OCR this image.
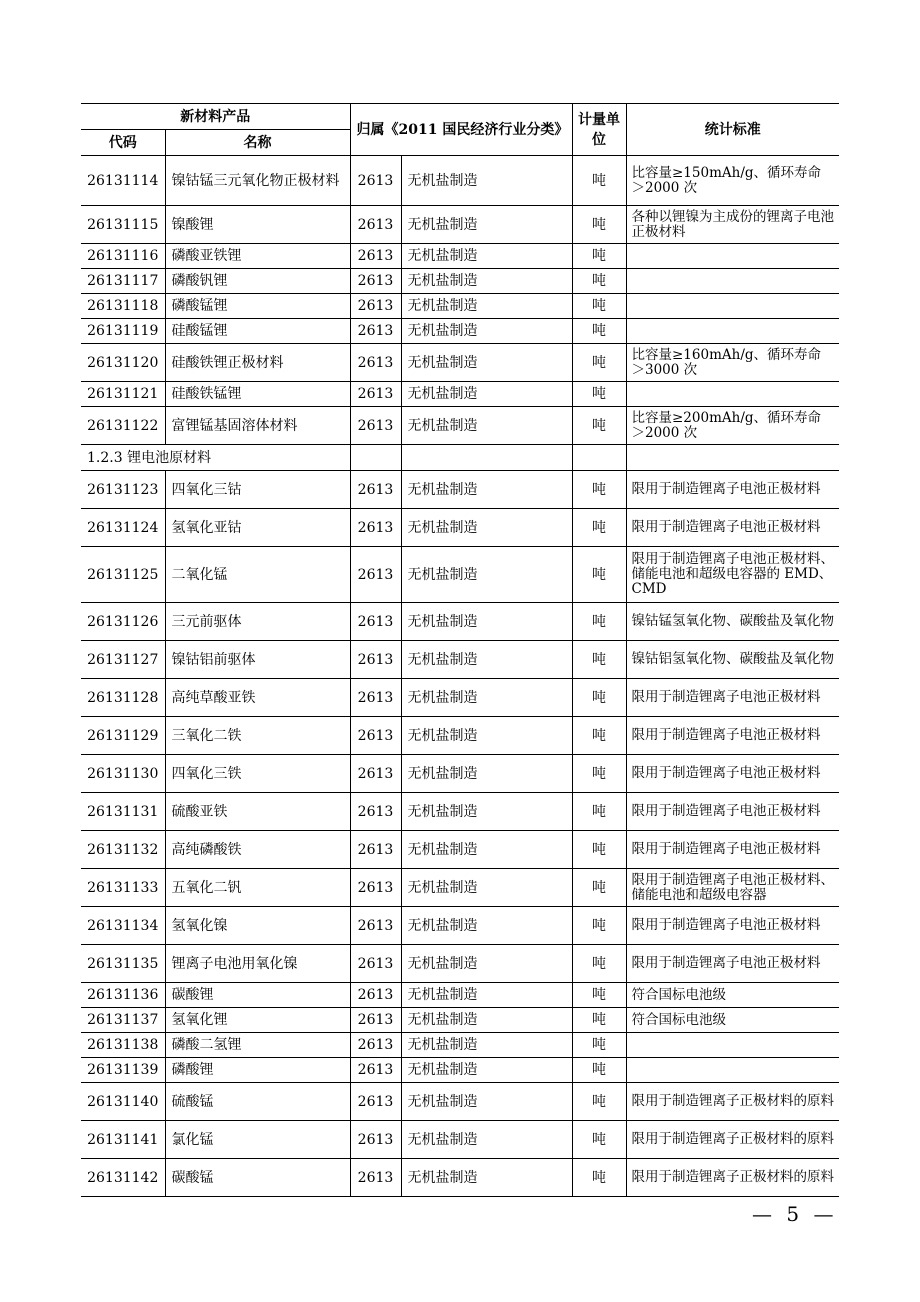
新材料产品		归属《2011 国民经济行业分类》		计量单位	统计标准
代码	名称				
26131114	镍钴锰三元氧化物正极材料	2613	无机盐制造	吨	比容量≥150mAh/g、循环寿命＞2000 次
26131115	镍酸锂	2613	无机盐制造	吨	各种以锂镍为主成份的锂离子电池正极材料
26131116	磷酸亚铁锂	2613	无机盐制造	吨	
26131117	磷酸钒锂	2613	无机盐制造	吨	
26131118	磷酸锰锂	2613	无机盐制造	吨	
26131119	硅酸锰锂	2613	无机盐制造	吨	
26131120	硅酸铁锂正极材料	2613	无机盐制造	吨	比容量≥160mAh/g、循环寿命＞3000 次
26131121	硅酸铁锰锂	2613	无机盐制造	吨	
26131122	富锂锰基固溶体材料	2613	无机盐制造	吨	比容量≥200mAh/g、循环寿命＞2000 次
1.2.3 锂电池原材料					
26131123	四氧化三钴	2613	无机盐制造	吨	限用于制造锂离子电池正极材料
26131124	氢氧化亚钴	2613	无机盐制造	吨	限用于制造锂离子电池正极材料
26131125	二氧化锰	2613	无机盐制造	吨	限用于制造锂离子电池正极材料、储能电池和超级电容器的 EMD、CMD
26131126	三元前驱体	2613	无机盐制造	吨	镍钴锰氢氧化物、碳酸盐及氧化物
26131127	镍钴铝前驱体	2613	无机盐制造	吨	镍钴铝氢氧化物、碳酸盐及氧化物
26131128	高纯草酸亚铁	2613	无机盐制造	吨	限用于制造锂离子电池正极材料
26131129	三氧化二铁	2613	无机盐制造	吨	限用于制造锂离子电池正极材料
26131130	四氧化三铁	2613	无机盐制造	吨	限用于制造锂离子电池正极材料
26131131	硫酸亚铁	2613	无机盐制造	吨	限用于制造锂离子电池正极材料
26131132	高纯磷酸铁	2613	无机盐制造	吨	限用于制造锂离子电池正极材料
26131133	五氧化二钒	2613	无机盐制造	吨	限用于制造锂离子电池正极材料、储能电池和超级电容器
26131134	氢氧化镍	2613	无机盐制造	吨	限用于制造锂离子电池正极材料
26131135	锂离子电池用氧化镍	2613	无机盐制造	吨	限用于制造锂离子电池正极材料
26131136	碳酸锂	2613	无机盐制造	吨	符合国标电池级
26131137	氢氧化锂	2613	无机盐制造	吨	符合国标电池级
26131138	磷酸二氢锂	2613	无机盐制造	吨	
26131139	磷酸锂	2613	无机盐制造	吨	
26131140	硫酸锰	2613	无机盐制造	吨	限用于制造锂离子正极材料的原料
26131141	氯化锰	2613	无机盐制造	吨	限用于制造锂离子正极材料的原料
26131142	碳酸锰	2613	无机盐制造	吨	限用于制造锂离子正极材料的原料
— 5 —
